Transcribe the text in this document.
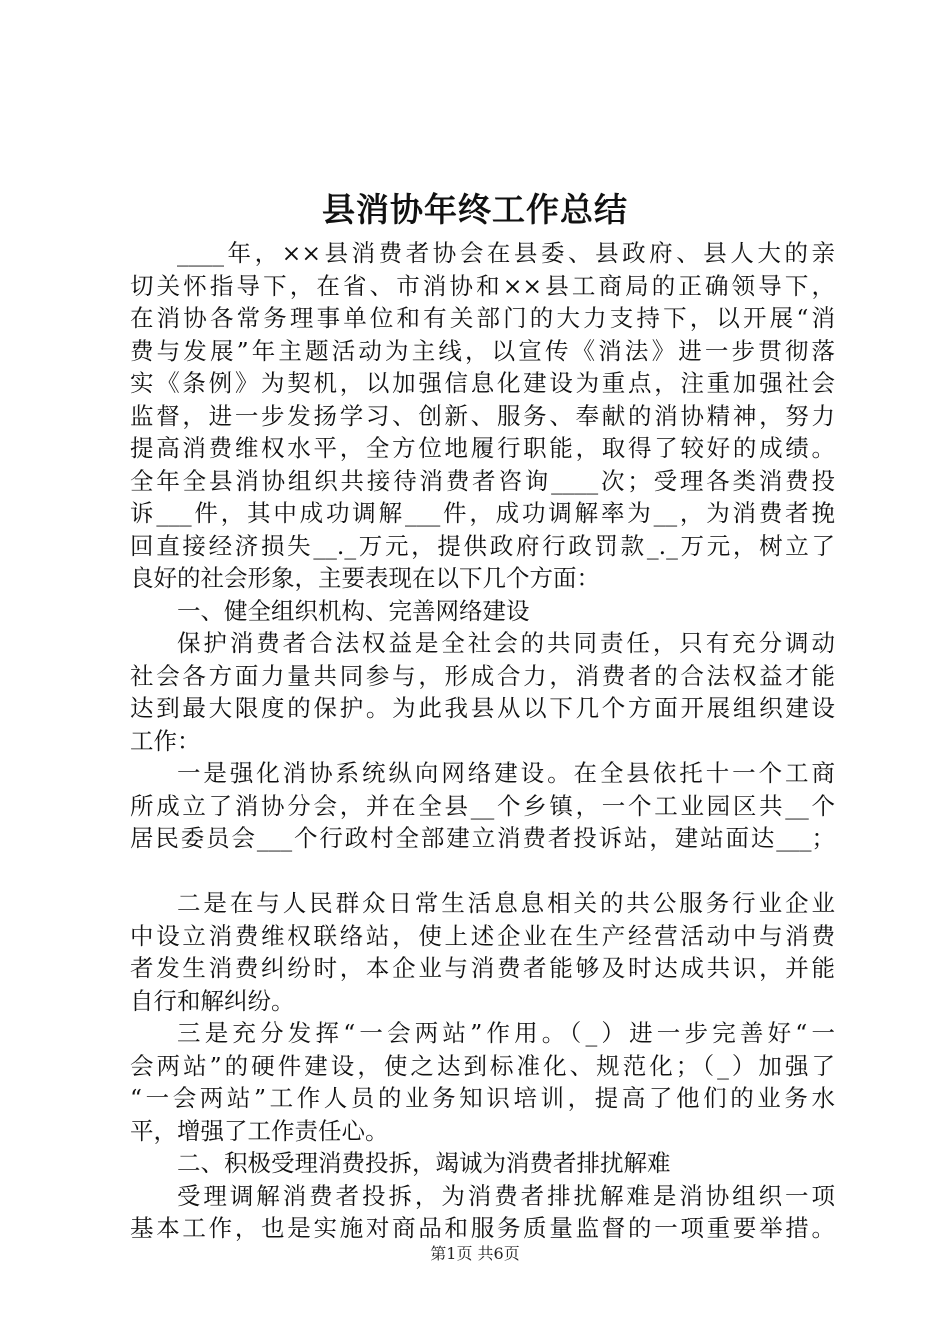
县消协年终工作总结
____年，××县消费者协会在县委、县政府、县人大的亲
切关怀指导下，在省、市消协和××县工商局的正确领导下，
在消协各常务理事单位和有关部门的大力支持下，以开展“消
费与发展”年主题活动为主线，以宣传《消法》进一步贯彻落
实《条例》为契机，以加强信息化建设为重点，注重加强社会
监督，进一步发扬学习、创新、服务、奉献的消协精神，努力
提高消费维权水平，全方位地履行职能，取得了较好的成绩。
全年全县消协组织共接待消费者咨询____次；受理各类消费投
诉___件，其中成功调解___件，成功调解率为__，为消费者挽
回直接经济损失__._万元，提供政府行政罚款_._万元，树立了
良好的社会形象，主要表现在以下几个方面：
一、健全组织机构、完善网络建设
保护消费者合法权益是全社会的共同责任，只有充分调动
社会各方面力量共同参与，形成合力，消费者的合法权益才能
达到最大限度的保护。为此我县从以下几个方面开展组织建设
工作：
一是强化消协系统纵向网络建设。在全县依托十一个工商
所成立了消协分会，并在全县__个乡镇，一个工业园区共__个
居民委员会___个行政村全部建立消费者投诉站，建站面达___；
二是在与人民群众日常生活息息相关的共公服务行业企业
中设立消费维权联络站，使上述企业在生产经营活动中与消费
者发生消费纠纷时，本企业与消费者能够及时达成共识，并能
自行和解纠纷。
三是充分发挥“一会两站”作用。（_）进一步完善好“一
会两站”的硬件建设，使之达到标准化、规范化；（_）加强了
“一会两站”工作人员的业务知识培训，提高了他们的业务水
平，增强了工作责任心。
二、积极受理消费投拆，竭诚为消费者排扰解难
受理调解消费者投拆，为消费者排扰解难是消协组织一项
基本工作，也是实施对商品和服务质量监督的一项重要举措。
第1页 共6页
